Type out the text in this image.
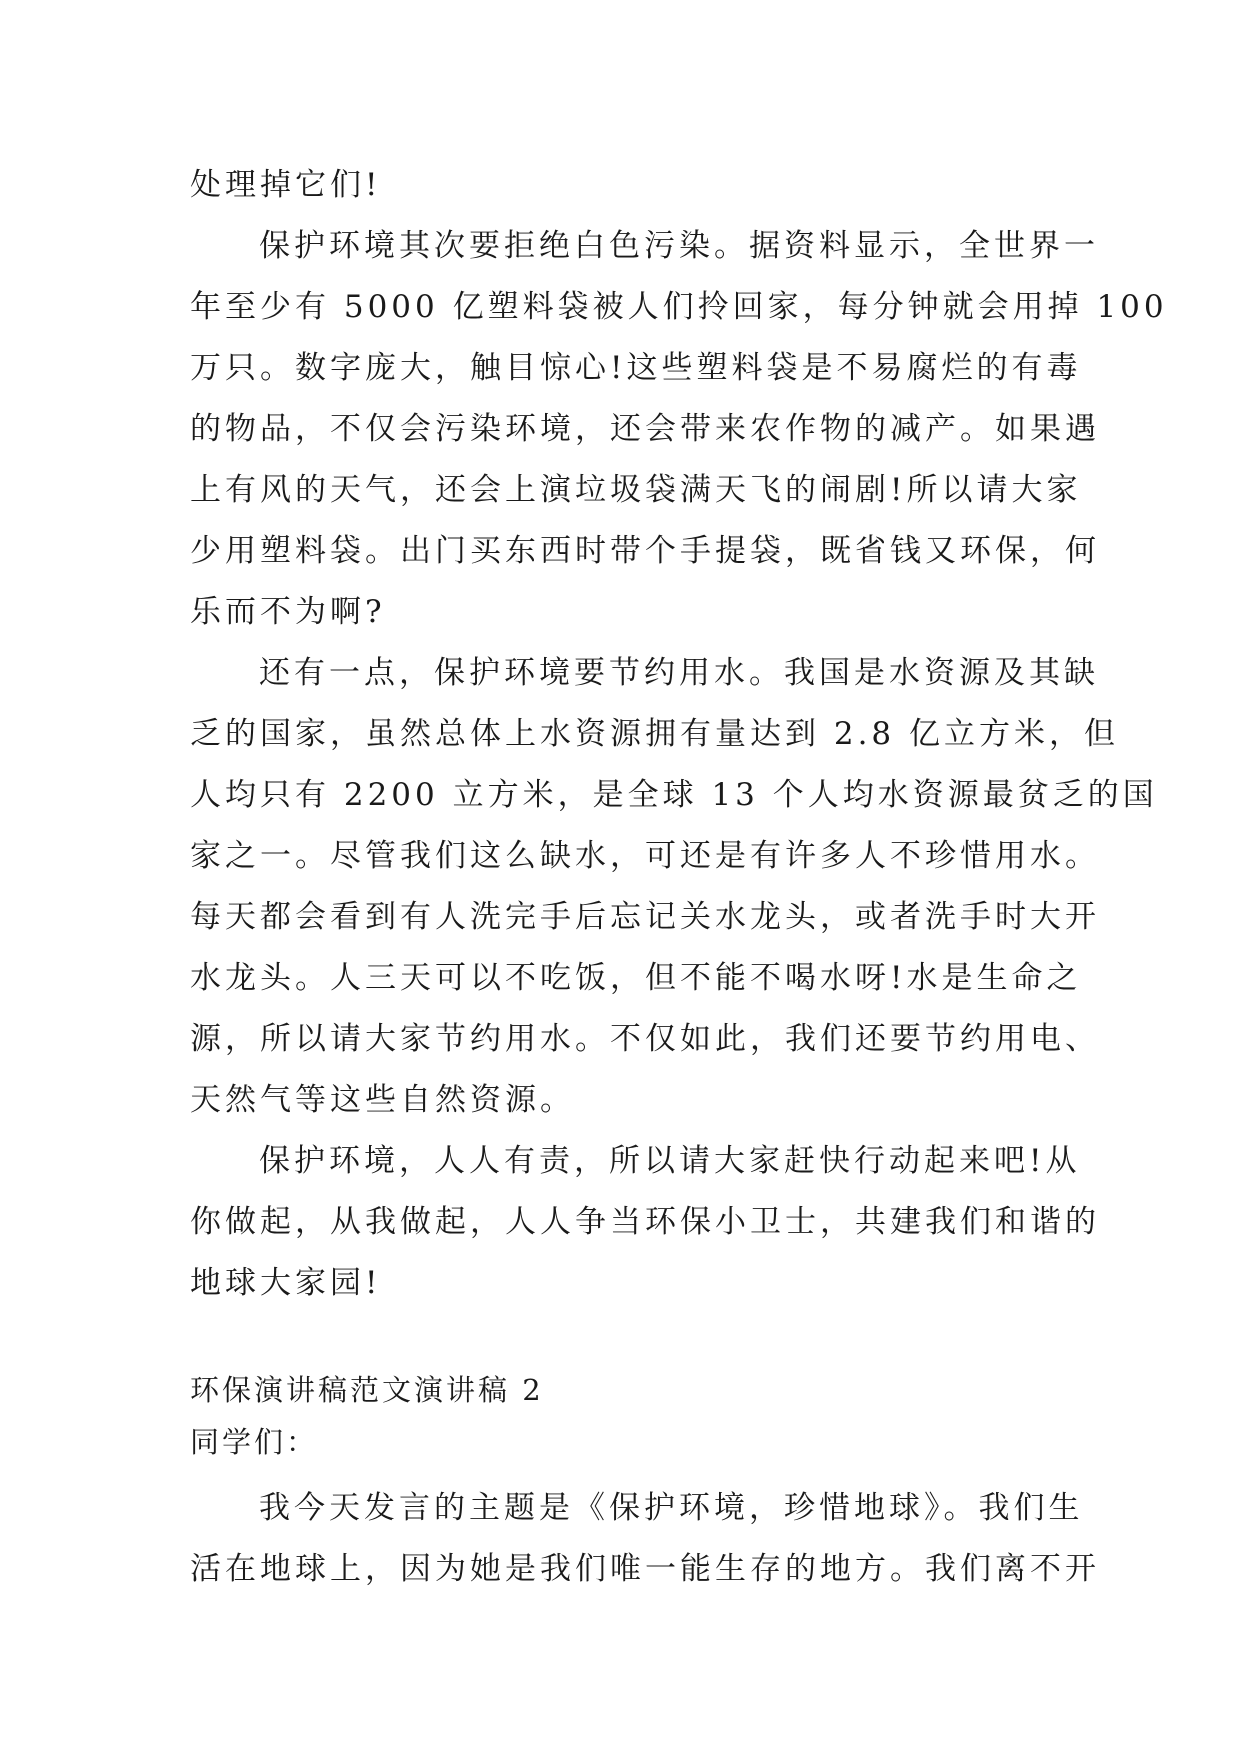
处理掉它们!
保护环境其次要拒绝白色污染。据资料显示，全世界一
年至少有 5000 亿塑料袋被人们拎回家，每分钟就会用掉 100
万只。数字庞大，触目惊心!这些塑料袋是不易腐烂的有毒
的物品，不仅会污染环境，还会带来农作物的减产。如果遇
上有风的天气，还会上演垃圾袋满天飞的闹剧!所以请大家
少用塑料袋。出门买东西时带个手提袋，既省钱又环保，何
乐而不为啊?
还有一点，保护环境要节约用水。我国是水资源及其缺
乏的国家，虽然总体上水资源拥有量达到 2.8 亿立方米，但
人均只有 2200 立方米，是全球 13 个人均水资源最贫乏的国
家之一。尽管我们这么缺水，可还是有许多人不珍惜用水。
每天都会看到有人洗完手后忘记关水龙头，或者洗手时大开
水龙头。人三天可以不吃饭，但不能不喝水呀!水是生命之
源，所以请大家节约用水。不仅如此，我们还要节约用电、
天然气等这些自然资源。
保护环境，人人有责，所以请大家赶快行动起来吧!从
你做起，从我做起，人人争当环保小卫士，共建我们和谐的
地球大家园!
环保演讲稿范文演讲稿 2
同学们：
我今天发言的主题是《保护环境，珍惜地球》。我们生
活在地球上，因为她是我们唯一能生存的地方。我们离不开
